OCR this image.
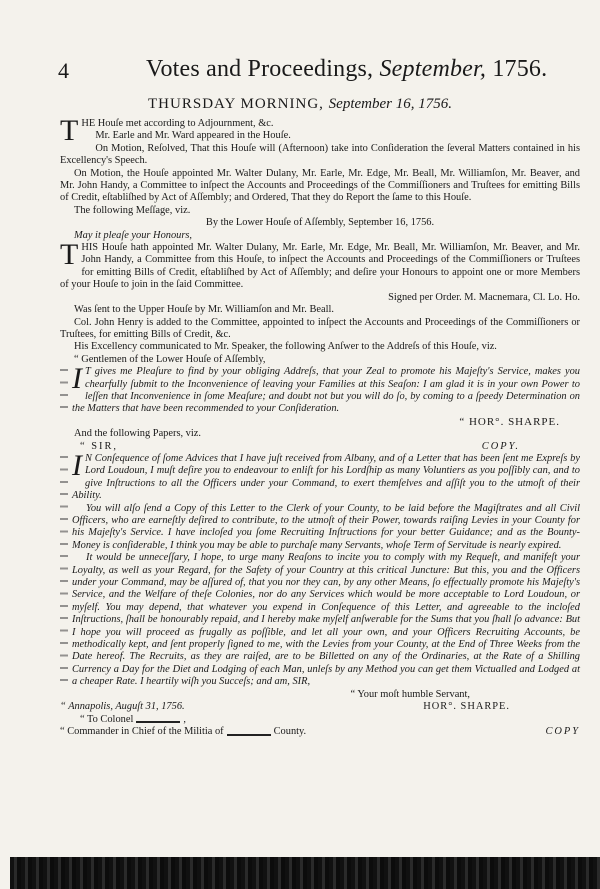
4	Votes and Proceedings, September, 1756.
THURSDAY MORNING, September 16, 1756.

T HE Houſe met according to Adjournment, &c.

Mr. Earle and Mr. Ward appeared in the Houſe.

On Motion, Reſolved, That this Houſe will (Afternoon) take into Conſideration the ſeveral Matters contained in his Excellency's Speech.

On Motion, the Houſe appointed Mr. Walter Dulany, Mr. Earle, Mr. Edge, Mr. Beall, Mr. Williamſon, Mr. Beaver, and Mr. John Handy, a Committee to inſpect the Accounts and Proceedings of the Commiſſioners and Truſtees for emitting Bills of Credit, eſtabliſhed by Act of Aſſembly; and Ordered, That they do Report the ſame to this Houſe.

The following Meſſage, viz.

By the Lower Houſe of Aſſembly, September 16, 1756.

May it pleaſe your Honours,

T HIS Houſe hath appointed Mr. Walter Dulany, Mr. Earle, Mr. Edge, Mr. Beall, Mr. Williamſon, Mr. Beaver, and Mr. John Handy, a Committee from this Houſe, to inſpect the Accounts and Proceedings of the Commiſſioners or Truſtees for emitting Bills of Credit, eſtabliſhed by Act of Aſſembly; and deſire your Honours to appoint one or more Members of your Houſe to join in the ſaid Committee.

Signed per Order. M. Macnemara, Cl. Lo. Ho.

Was ſent to the Upper Houſe by Mr. Williamſon and Mr. Beall.

Col. John Henry is added to the Committee, appointed to inſpect the Accounts and Proceedings of the Commiſſioners or Truſtees, for emitting Bills of Credit, &c.

His Excellency communicated to Mr. Speaker, the following Anſwer to the Addreſs of this Houſe, viz.

“ Gentlemen of the Lower Houſe of Aſſembly,

I T gives me Pleaſure to find by your obliging Addreſs, that your Zeal to promote his Majeſty's Service, makes you chearfully ſubmit to the Inconvenience of leaving your Families at this Seaſon: I am glad it is in your own Power to leſſen that Inconvenience in ſome Meaſure; and doubt not but you will do ſo, by coming to a ſpeedy Determination on the Matters that have been recommended to your Conſideration.

“ HOR°. SHARPE.

And the following Papers, viz.

“ SIR,	COPY.

I N Conſequence of ſome Advices that I have juſt received from Albany, and of a Letter that has been ſent me Expreſs by Lord Loudoun, I muſt deſire you to endeavour to enliſt for his Lordſhip as many Voluntiers as you poſſibly can, and to give Inſtructions to all the Officers under your Command, to exert themſelves and aſſiſt you to the utmoſt of their Ability.

You will alſo ſend a Copy of this Letter to the Clerk of your County, to be laid before the Magiſtrates and all Civil Officers, who are earneſtly deſired to contribute, to the utmoſt of their Power, towards raiſing Levies in your County for his Majeſty's Service. I have incloſed you ſome Recruiting Inſtructions for your better Guidance; and as the Bounty-Money is conſiderable, I think you may be able to purchaſe many Servants, whoſe Term of Servitude is nearly expired.

It would be unneceſſary, I hope, to urge many Reaſons to incite you to comply with my Requeſt, and manifeſt your Loyalty, as well as your Regard, for the Safety of your Country at this critical Juncture: But this, you and the Officers under your Command, may be aſſured of, that you nor they can, by any other Means, ſo effectually promote his Majeſty's Service, and the Welfare of theſe Colonies, nor do any Services which would be more acceptable to Lord Loudoun, or myſelf. You may depend, that whatever you expend in Conſequence of this Letter, and agreeable to the incloſed Inſtructions, ſhall be honourably repaid, and I hereby make myſelf anſwerable for the Sums that you ſhall ſo advance: But I hope you will proceed as frugally as poſſible, and let all your own, and your Officers Recruiting Accounts, be methodically kept, and ſent properly ſigned to me, with the Levies from your County, at the End of Three Weeks from the Date hereof. The Recruits, as they are raiſed, are to be Billetted on any of the Ordinaries, at the Rate of a Shilling Currency a Day for the Diet and Lodging of each Man, unleſs by any Method you can get them Victualled and Lodged at a cheaper Rate. I heartily wiſh you Succeſs; and am, SIR,

“ Your moſt humble Servant,

“ Annapolis, Auguſt 31, 1756.	HOR°. SHARPE.

“ To Colonel	,

“ Commander in Chief of the Militia of	County.	COPY
